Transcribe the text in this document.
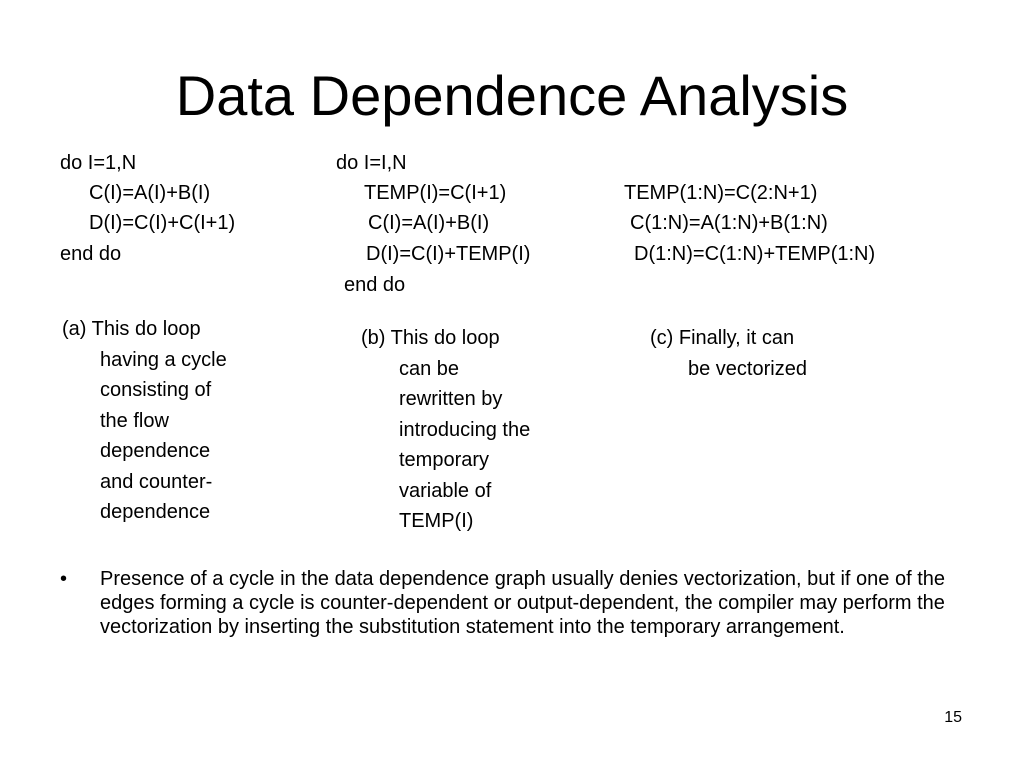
Data Dependence Analysis
do I=1,N
C(I)=A(I)+B(I)
D(I)=C(I)+C(I+1)
end do
do I=I,N
TEMP(I)=C(I+1)
C(I)=A(I)+B(I)
D(I)=C(I)+TEMP(I)
end do
TEMP(1:N)=C(2:N+1)
C(1:N)=A(1:N)+B(1:N)
D(1:N)=C(1:N)+TEMP(1:N)
(a) This do loop
having a cycle
consisting of
the flow
dependence
and counter-
dependence
(b) This do loop
can be
rewritten by
introducing the
temporary
variable of
TEMP(I)
(c) Finally, it can
be vectorized
• Presence of a cycle in the data dependence graph usually denies vectorization, but if one of the edges forming a cycle is counter-dependent or output-dependent, the compiler may perform the vectorization by inserting the substitution statement into the temporary arrangement.
15
